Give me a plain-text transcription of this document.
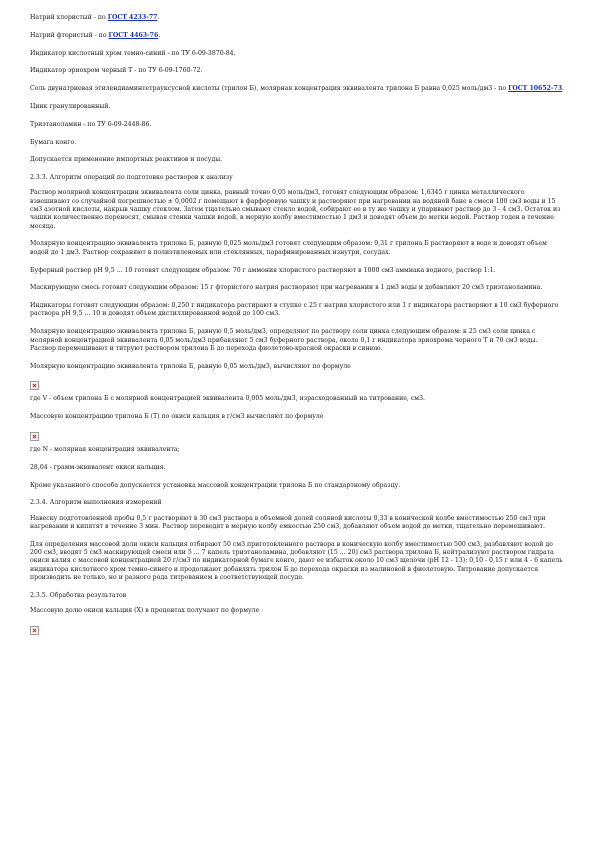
Натрий хлористый - по ГОСТ 4233-77.

Натрий фтористый - по ГОСТ 4463-76.

Индикатор кислотный хром темно-синий - по ТУ 6-09-3870-84.

Индикатор эриохром черный Т - по ТУ 6-09-1760-72.

Соль двунатриевая этилендиаминтетрауксусной кислоты (трилон Б), молярная концентрация эквивалента трилона Б равна 0,025 моль/дм3 - по ГОСТ 10652-73.

Цинк гранулированный.

Триэтаноламин - по ТУ 6-09-2448-86.

Бумага конго.

Допускается применение импортных реактивов и посуды.

2.3.3. Алгоритм операций по подготовке растворов к анализу

Раствор молярной концентрации эквивалента соли цинка, равный точно 0,05 моль/дм3, готовят следующим образом: 1,6345 г цинка металлического взвешивают со случайной погрешностью ± 0,0002 г помещают в фарфоровую чашку и растворяют при нагревании на водяной бане в смеси 100 см3 воды и 15 см3 азотной кислоты, накрыв чашку стеклом. Затем тщательно смывают стекло водой, собирают ее в ту же чашку и упаривают раствор до 3 - 4 см3. Остаток из чашки количественно переносят, смывая стенки чашки водой, в мерную колбу вместимостью 1 дм3 и доводят объем до метки водой. Раствор годен в течение месяца.

Молярную концентрацию эквивалента трилона Б, равную 0,025 моль/дм3 готовят следующим образом: 9,31 г трилона Б растворяют в воде и доводят объем водой до 1 дм3. Раствор сохраняют в полиэтиленовых или стеклянных, парафинированных изнутри, сосудах.

Буферный раствор рН 9,5 ... 10 готовят следующим образом: 70 г аммония хлористого растворяют в 1000 см3 аммиака водного, раствор 1:1.

Маскирующую смесь готовят следующим образом: 15 г фтористого натрия растворяют при нагревании в 1 дм3 воды и добавляют 20 см3 триэтаноламина.

Индикаторы готовят следующим образом: 0,250 г индикатора растирают в ступке с 25 г натрия хлористого или 1 г индикатора растворяют в 10 см3 буферного раствора рН 9,5 ... 10 и доводят объем дистиллированной водой до 100 см3.

Молярную концентрацию эквивалента трилона Б, равную 0,5 моль/дм3, определяют по раствору соли цинка следующим образом: к 25 см3 соли цинка с молярной концентрацией эквивалента 0,05 моль/дм3 прибавляют 5 см3 буферного раствора, около 0,1 г индикатора эриохрома черного Т и 70 см3 воды. Раствор перемешивают и титруют раствором трилона Б до перехода фиолетово-красной окраски в синюю.

Молярную концентрацию эквивалента трилона Б, равную 0,05 моль/дм3, вычисляют по формуле

где V - объем трилона Б с молярной концентрацией эквивалента 0,005 моль/дм3, израсходованный на титрование, см3.

Массовую концентрацию трилона Б (Т) по окиси кальция в г/см3 вычисляют по формуле

где N - молярная концентрация эквивалента;

28,04 - грамм-эквивалент окиси кальция.

Кроме указанного способа допускается установка массовой концентрации трилона Б по стандартному образцу.

2.3.4. Алгоритм выполнения измерений

Навеску подготовленной пробы 0,5 г растворяют в 30 см3 раствора в объемной долей соляной кислоты 0,33 в конической колбе вместимостью 250 см3 при нагревании и кипятят в течение 3 мин. Раствор переводят в мерную колбу емкостью 250 см3, добавляют объем водой до метки, тщательно перемешивают.

Для определения массовой доли окиси кальция отбирают 50 см3 приготовленного раствора в коническую колбу вместимостью 500 см3, разбавляют водой до 200 см3, вводят 5 см3 маскирующей смеси или 5 ... 7 капель триэтаноламина, добавляют (15 ... 20) см3 раствора трилона Б, нейтрализуют раствором гидрата окиси калия с массовой концентрацией 20 г/см3 по индикаторной бумаге конго, дают ее избыток около 10 см3 щелочи (рН 12 - 13); 0,10 - 0,15 г или 4 - 6 капель индикатора кислотного хром темно-синего и продолжают добавлять трилон Б до перехода окраски из малиновой в фиолетовую. Титрование допускается производить не только, но и разного рода титрованием в соответствующей посуде.

2.3.5. Обработка результатов

Массовую долю окиси кальция (X) в процентах получают по формуле
